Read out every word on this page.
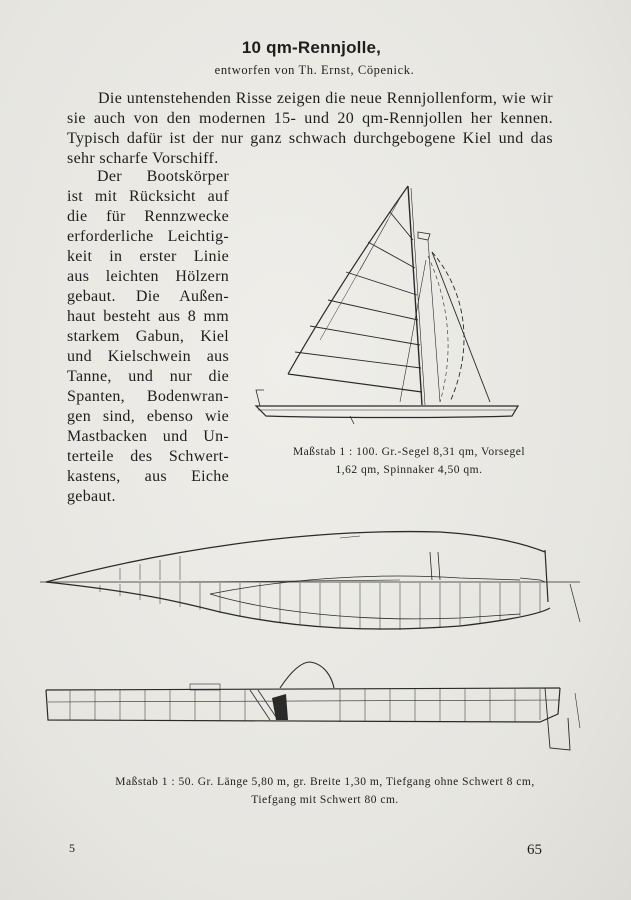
10 qm-Rennjolle,
entworfen von Th. Ernst, Cöpenick.

Die untenstehenden Risse zeigen die neue Rennjollenform, wie wir sie auch von den modernen 15- und 20 qm-Rennjollen her kennen. Typisch dafür ist der nur ganz schwach durchgebogene Kiel und das sehr scharfe Vorschiff.

Der Bootskörper
ist mit Rücksicht auf
die für Rennzwecke
erforderliche Leichtig-
keit in erster Linie
aus leichten Hölzern
gebaut. Die Außen-
haut besteht aus 8 mm
starkem Gabun, Kiel
und Kielschwein aus
Tanne, und nur die
Spanten, Bodenwran-
gen sind, ebenso wie
Mastbacken und Un-
terteile des Schwert-
kastens, aus Eiche
gebaut.
Maßstab 1 : 100. Gr.-Segel 8,31 qm, Vorsegel
1,62 qm, Spinnaker 4,50 qm.
Maßstab 1 : 50. Gr. Länge 5,80 m, gr. Breite 1,30 m, Tiefgang ohne Schwert 8 cm,
Tiefgang mit Schwert 80 cm.
5	65
